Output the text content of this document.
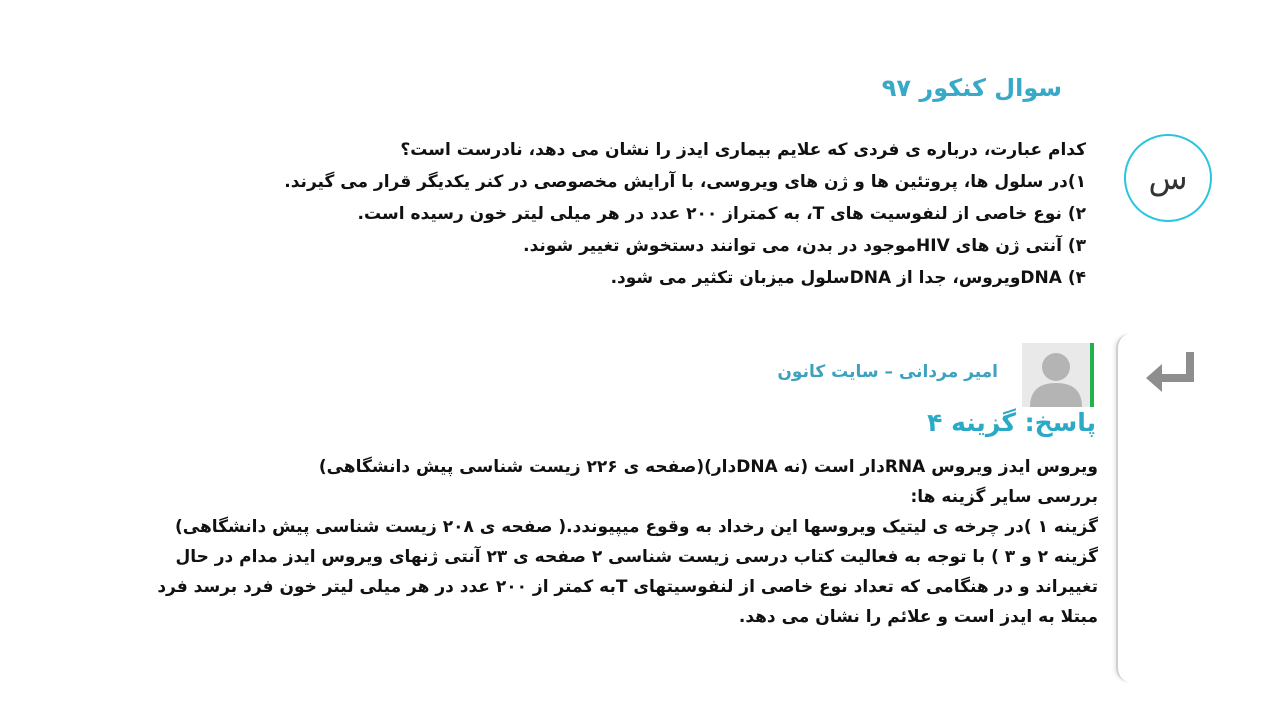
سوال کنکور ۹۷
س
کدام عبارت، درباره ی فردی که علایم بیماری ایدز را نشان می دهد، نادرست است؟
۱)در سلول ها، پروتئین ها و ژن های ویروسی، با آرایش مخصوصی در کنر یکدیگر قرار می گیرند.
۲) نوع خاصی از لنفوسیت های T، به کمتراز ۲۰۰ عدد در هر میلی لیتر خون رسیده است.
۳) آنتی ژن های HIVموجود در بدن، می توانند دستخوش تغییر شوند.
۴) DNAویروس، جدا از DNAسلول میزبان تکثیر می شود.
امیر مردانی – سایت کانون
پاسخ: گزینه ۴

ویروس ایدز ویروس RNAدار است (نه DNAدار)(صفحه ی ۲۲۶ زیست شناسی پیش دانشگاهی)

بررسی سایر گزینه ها:

گزینه ۱ )در چرخه ی لیتیک ویروسها این رخداد به وقوع میپیوندد.( صفحه ی ۲۰۸ زیست شناسی پیش دانشگاهی)

گزینه ۲ و ۳ ) با توجه به فعالیت کتاب درسی زیست شناسی ۲ صفحه ی ۲۳ آنتی ژنهای ویروس ایدز مدام در حال تغییراند و در هنگامی که تعداد نوع خاصی از لنفوسیتهای Tبه کمتر از ۲۰۰ عدد در هر میلی لیتر خون فرد برسد فرد مبتلا به ایدز است و علائم را نشان می دهد.
